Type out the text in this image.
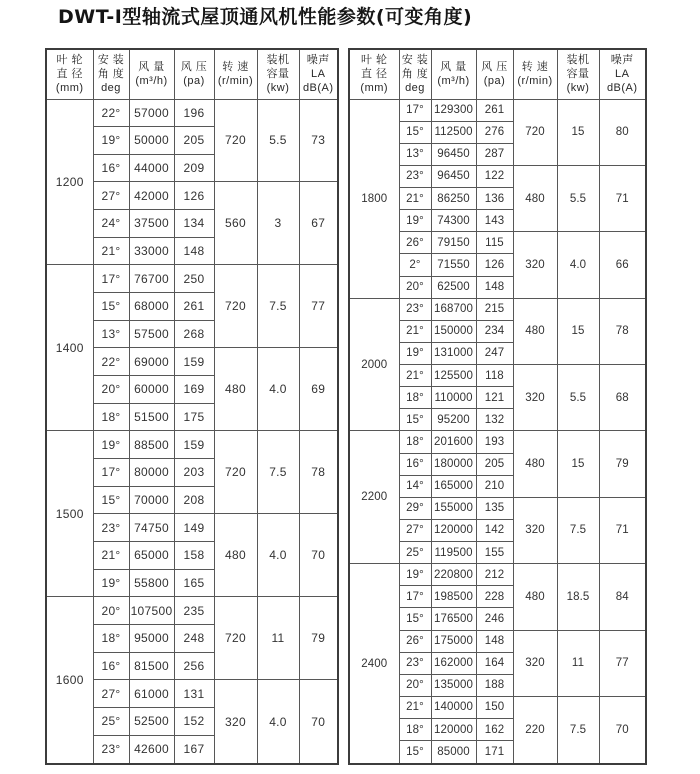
DWT-I型轴流式屋顶通风机性能参数(可变角度)
叶 轮
直 径
(mm)	安 装
角 度
deg	风 量
(m³/h)	风 压
(pa)	转 速
(r/min)	装机
容量
(kw)	噪声
LA
dB(A)
1200	22°	57000	196	720	5.5	73
	19°	50000	205			
	16°	44000	209			
	27°	42000	126	560	3	67
	24°	37500	134			
	21°	33000	148			
1400	17°	76700	250	720	7.5	77
	15°	68000	261			
	13°	57500	268			
	22°	69000	159	480	4.0	69
	20°	60000	169			
	18°	51500	175			
1500	19°	88500	159	720	7.5	78
	17°	80000	203			
	15°	70000	208			
	23°	74750	149	480	4.0	70
	21°	65000	158			
	19°	55800	165			
1600	20°	107500	235	720	11	79
	18°	95000	248			
	16°	81500	256			
	27°	61000	131	320	4.0	70
	25°	52500	152			
	23°	42600	167			
叶 轮
直 径
(mm)	安 装
角 度
deg	风 量
(m³/h)	风 压
(pa)	转 速
(r/min)	装机
容量
(kw)	噪声
LA
dB(A)
1800	17°	129300	261	720	15	80
	15°	112500	276			
	13°	96450	287			
	23°	96450	122	480	5.5	71
	21°	86250	136			
	19°	74300	143			
	26°	79150	115	320	4.0	66
	2°	71550	126			
	20°	62500	148			
2000	23°	168700	215	480	15	78
	21°	150000	234			
	19°	131000	247			
	21°	125500	118	320	5.5	68
	18°	110000	121			
	15°	95200	132			
2200	18°	201600	193	480	15	79
	16°	180000	205			
	14°	165000	210			
	29°	155000	135	320	7.5	71
	27°	120000	142			
	25°	119500	155			
2400	19°	220800	212	480	18.5	84
	17°	198500	228			
	15°	176500	246			
	26°	175000	148	320	11	77
	23°	162000	164			
	20°	135000	188			
	21°	140000	150	220	7.5	70
	18°	120000	162			
	15°	85000	171			
